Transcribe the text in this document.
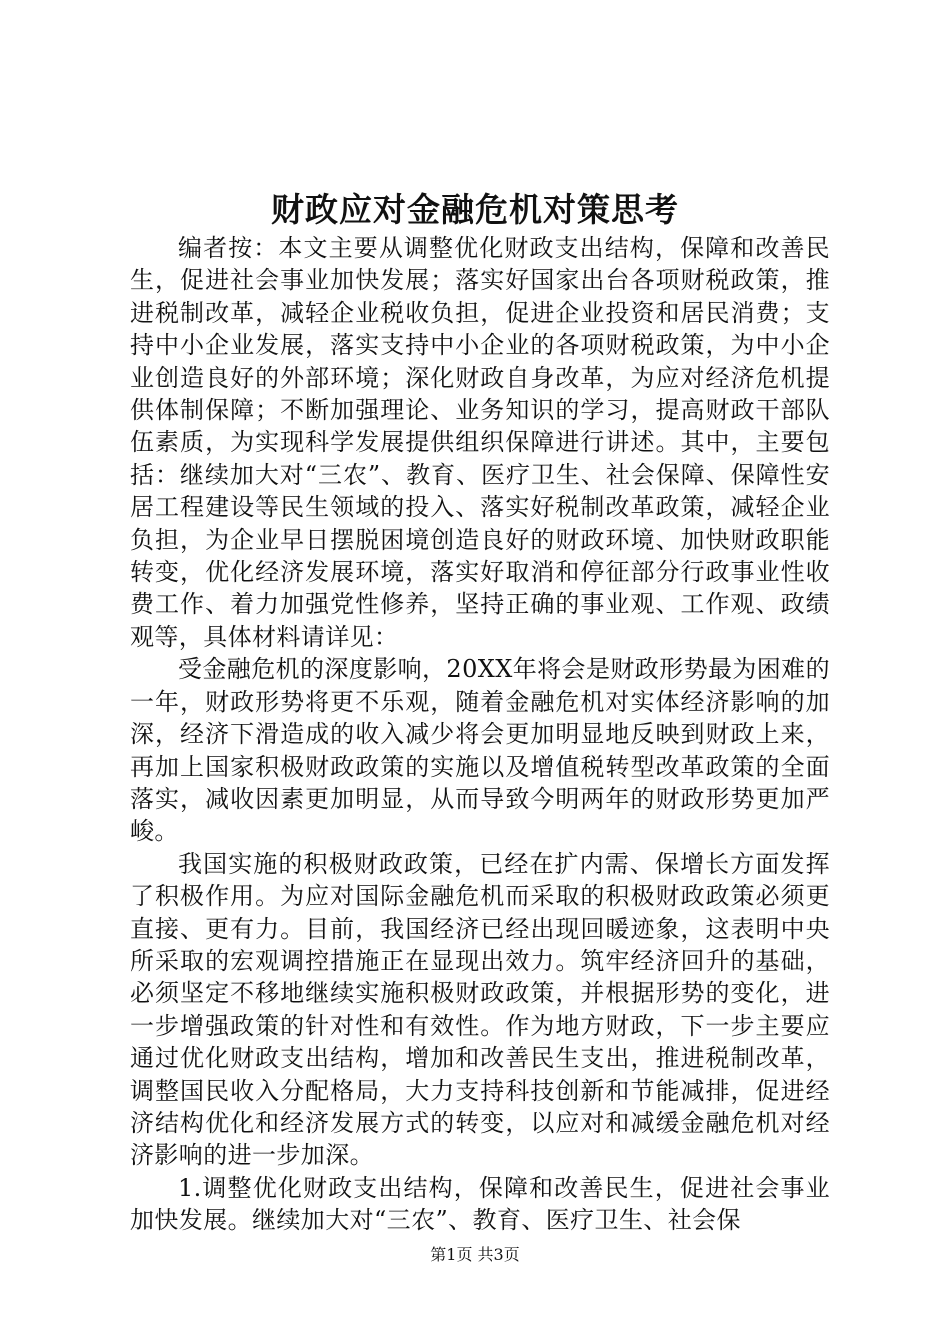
财政应对金融危机对策思考

编者按：本文主要从调整优化财政支出结构，保障和改善民生，促进社会事业加快发展；落实好国家出台各项财税政策，推进税制改革，减轻企业税收负担，促进企业投资和居民消费；支持中小企业发展，落实支持中小企业的各项财税政策，为中小企业创造良好的外部环境；深化财政自身改革，为应对经济危机提供体制保障；不断加强理论、业务知识的学习，提高财政干部队伍素质，为实现科学发展提供组织保障进行讲述。其中，主要包括：继续加大对“三农”、教育、医疗卫生、社会保障、保障性安居工程建设等民生领域的投入、落实好税制改革政策，减轻企业负担，为企业早日摆脱困境创造良好的财政环境、加快财政职能转变，优化经济发展环境，落实好取消和停征部分行政事业性收费工作、着力加强党性修养，坚持正确的事业观、工作观、政绩观等，具体材料请详见：

受金融危机的深度影响，20XX年将会是财政形势最为困难的一年，财政形势将更不乐观，随着金融危机对实体经济影响的加深，经济下滑造成的收入减少将会更加明显地反映到财政上来，再加上国家积极财政政策的实施以及增值税转型改革政策的全面落实，减收因素更加明显，从而导致今明两年的财政形势更加严峻。

我国实施的积极财政政策，已经在扩内需、保增长方面发挥了积极作用。为应对国际金融危机而采取的积极财政政策必须更直接、更有力。目前，我国经济已经出现回暖迹象，这表明中央所采取的宏观调控措施正在显现出效力。筑牢经济回升的基础，必须坚定不移地继续实施积极财政政策，并根据形势的变化，进一步增强政策的针对性和有效性。作为地方财政，下一步主要应通过优化财政支出结构，增加和改善民生支出，推进税制改革，调整国民收入分配格局，大力支持科技创新和节能减排，促进经济结构优化和经济发展方式的转变，以应对和减缓金融危机对经济影响的进一步加深。

1.调整优化财政支出结构，保障和改善民生，促进社会事业加快发展。继续加大对“三农”、教育、医疗卫生、社会保

第1页 共3页
